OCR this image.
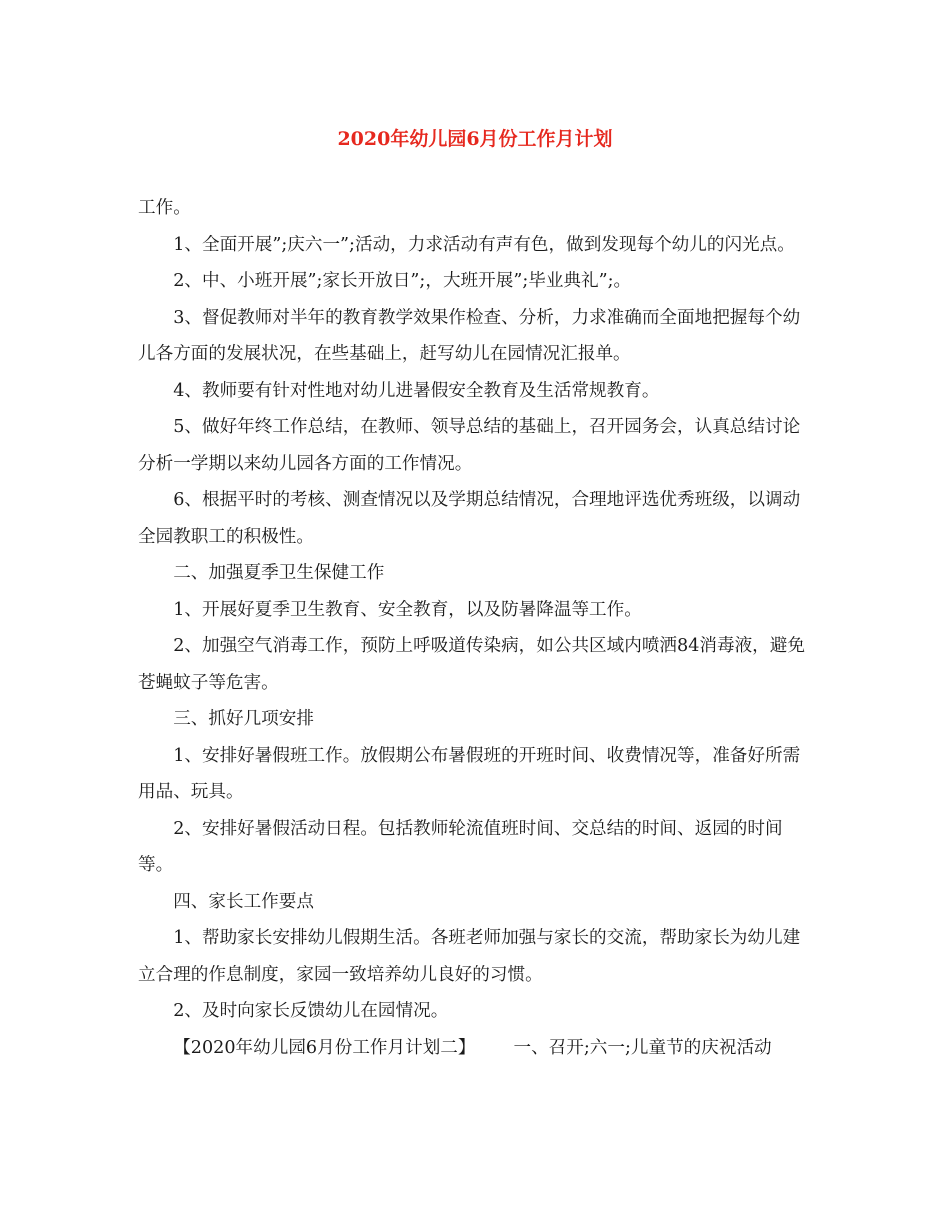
2020年幼儿园6月份工作月计划

工作。

1、全面开展”;庆六一”;活动，力求活动有声有色，做到发现每个幼儿的闪光点。

2、中、小班开展”;家长开放日”;，大班开展”;毕业典礼”;。

3、督促教师对半年的教育教学效果作检查、分析，力求准确而全面地把握每个幼儿各方面的发展状况，在些基础上，赶写幼儿在园情况汇报单。

4、教师要有针对性地对幼儿进暑假安全教育及生活常规教育。

5、做好年终工作总结，在教师、领导总结的基础上，召开园务会，认真总结讨论分析一学期以来幼儿园各方面的工作情况。

6、根据平时的考核、测查情况以及学期总结情况，合理地评选优秀班级，以调动全园教职工的积极性。

二、加强夏季卫生保健工作

1、开展好夏季卫生教育、安全教育，以及防暑降温等工作。

2、加强空气消毒工作，预防上呼吸道传染病，如公共区域内喷洒84消毒液，避免苍蝇蚊子等危害。

三、抓好几项安排

1、安排好暑假班工作。放假期公布暑假班的开班时间、收费情况等，准备好所需用品、玩具。

2、安排好暑假活动日程。包括教师轮流值班时间、交总结的时间、返园的时间等。

四、家长工作要点

1、帮助家长安排幼儿假期生活。各班老师加强与家长的交流，帮助家长为幼儿建立合理的作息制度，家园一致培养幼儿良好的习惯。

2、及时向家长反馈幼儿在园情况。

【2020年幼儿园6月份工作月计划二】 一、召开;六一;儿童节的庆祝活动
